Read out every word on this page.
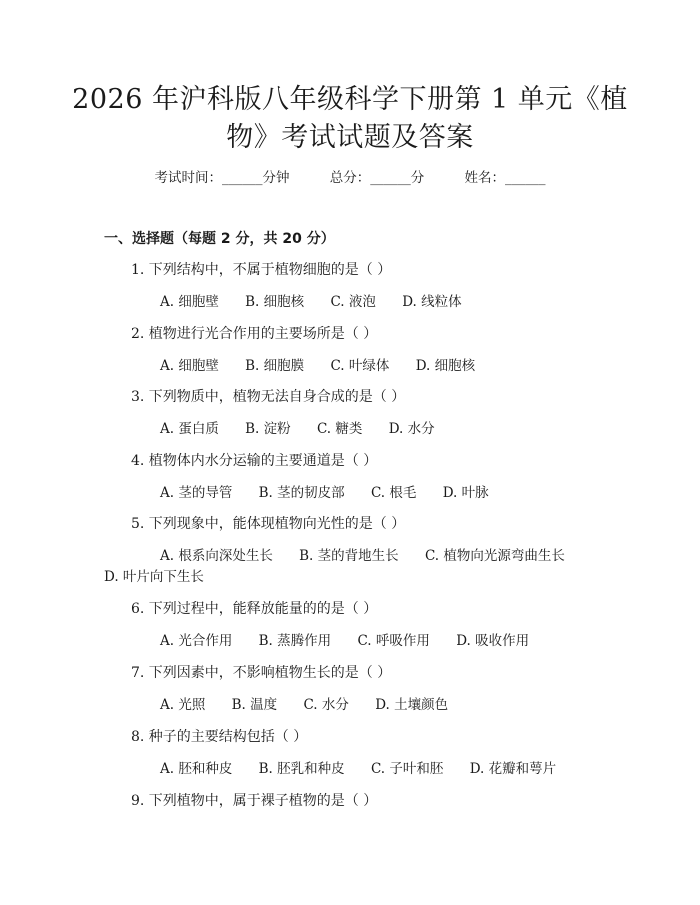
2026 年沪科版八年级科学下册第 1 单元《植
物》考试试题及答案
考试时间：______分钟	总分：______分	姓名：______
一、选择题（每题 2 分，共 20 分）
1. 下列结构中，不属于植物细胞的是（ ）
A. 细胞壁 B. 细胞核 C. 液泡 D. 线粒体
2. 植物进行光合作用的主要场所是（ ）
A. 细胞壁 B. 细胞膜 C. 叶绿体 D. 细胞核
3. 下列物质中，植物无法自身合成的是（ ）
A. 蛋白质 B. 淀粉 C. 糖类 D. 水分
4. 植物体内水分运输的主要通道是（ ）
A. 茎的导管 B. 茎的韧皮部 C. 根毛 D. 叶脉
5. 下列现象中，能体现植物向光性的是（ ）
A. 根系向深处生长 B. 茎的背地生长 C. 植物向光源弯曲生长
D. 叶片向下生长
6. 下列过程中，能释放能量的的是（ ）
A. 光合作用 B. 蒸腾作用 C. 呼吸作用 D. 吸收作用
7. 下列因素中，不影响植物生长的是（ ）
A. 光照 B. 温度 C. 水分 D. 土壤颜色
8. 种子的主要结构包括（ ）
A. 胚和种皮 B. 胚乳和种皮 C. 子叶和胚 D. 花瓣和萼片
9. 下列植物中，属于裸子植物的是（ ）
